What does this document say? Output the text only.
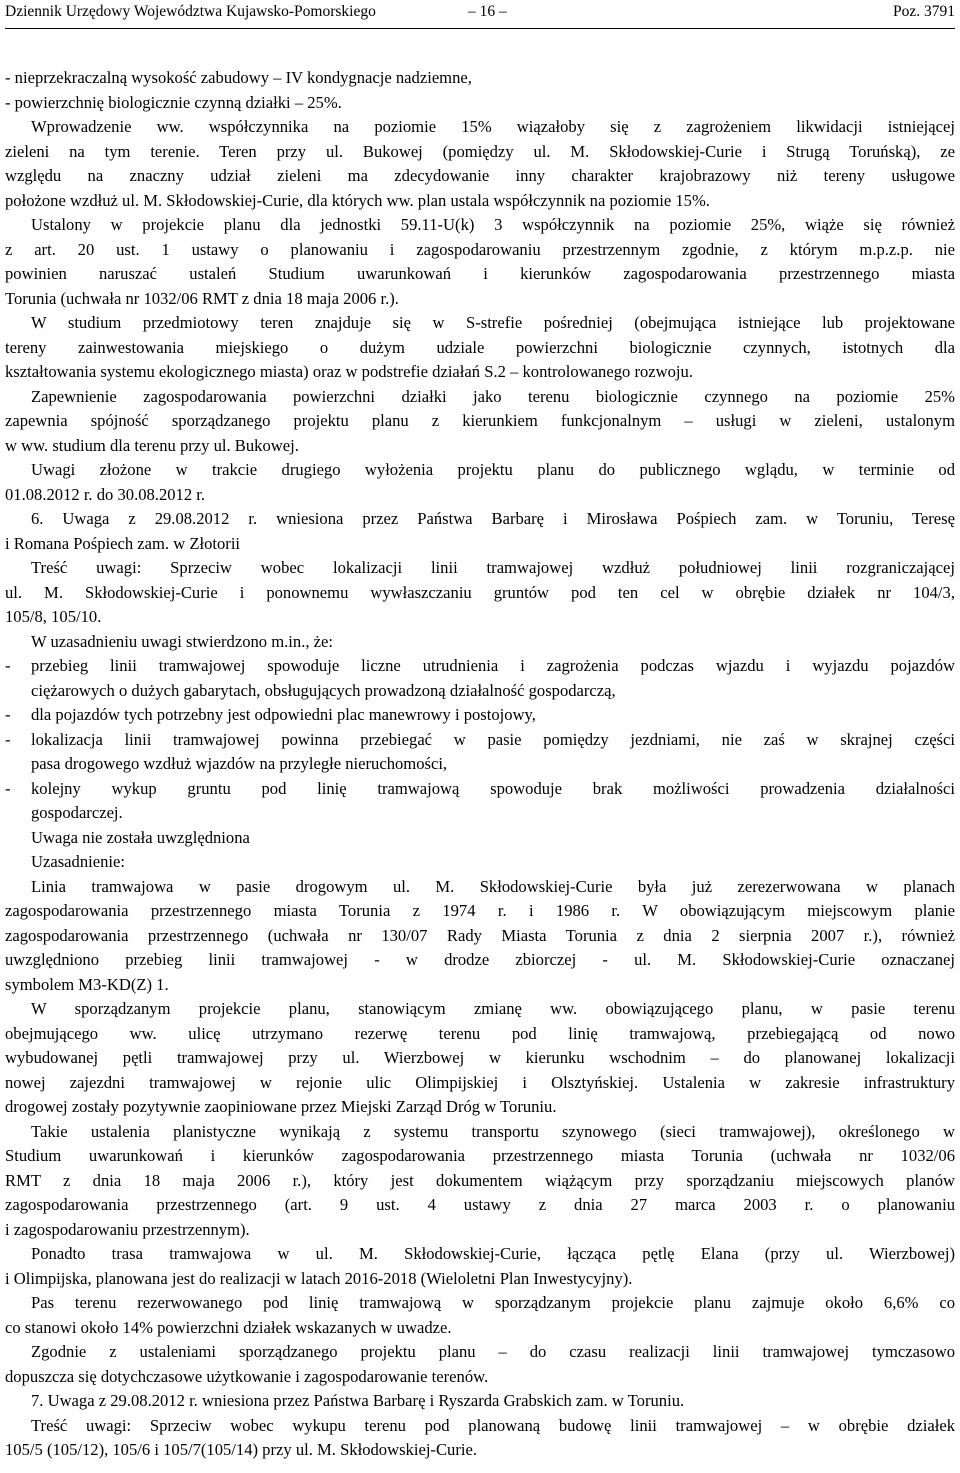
Dziennik Urzędowy Województwa Kujawsko-Pomorskiego	– 16 –	Poz. 3791
- nieprzekraczalną wysokość zabudowy – IV kondygnacje nadziemne,
- powierzchnię biologicznie czynną działki – 25%.
Wprowadzenie ww. współczynnika na poziomie 15% wiązałoby się z zagrożeniem likwidacji istniejącej
zieleni na tym terenie. Teren przy ul. Bukowej (pomiędzy ul. M. Skłodowskiej-Curie i Strugą Toruńską), ze
względu na znaczny udział zieleni ma zdecydowanie inny charakter krajobrazowy niż tereny usługowe
położone wzdłuż ul. M. Skłodowskiej-Curie, dla których ww. plan ustala współczynnik na poziomie 15%.
Ustalony w projekcie planu dla jednostki 59.11-U(k) 3 współczynnik na poziomie 25%, wiąże się również
z art. 20 ust. 1 ustawy o planowaniu i zagospodarowaniu przestrzennym zgodnie, z którym m.p.z.p. nie
powinien naruszać ustaleń Studium uwarunkowań i kierunków zagospodarowania przestrzennego miasta
Torunia (uchwała nr 1032/06 RMT z dnia 18 maja 2006 r.).
W studium przedmiotowy teren znajduje się w S-strefie pośredniej (obejmująca istniejące lub projektowane
tereny zainwestowania miejskiego o dużym udziale powierzchni biologicznie czynnych, istotnych dla
kształtowania systemu ekologicznego miasta) oraz w podstrefie działań S.2 – kontrolowanego rozwoju.
Zapewnienie zagospodarowania powierzchni działki jako terenu biologicznie czynnego na poziomie 25%
zapewnia spójność sporządzanego projektu planu z kierunkiem funkcjonalnym – usługi w zieleni, ustalonym
w ww. studium dla terenu przy ul. Bukowej.
Uwagi złożone w trakcie drugiego wyłożenia projektu planu do publicznego wglądu, w terminie od
01.08.2012 r. do 30.08.2012 r.
6. Uwaga z 29.08.2012 r. wniesiona przez Państwa Barbarę i Mirosława Pośpiech zam. w Toruniu, Teresę
i Romana Pośpiech zam. w Złotorii
Treść uwagi: Sprzeciw wobec lokalizacji linii tramwajowej wzdłuż południowej linii rozgraniczającej
ul. M. Skłodowskiej-Curie i ponownemu wywłaszczaniu gruntów pod ten cel w obrębie działek nr 104/3,
105/8, 105/10.
W uzasadnieniu uwagi stwierdzono m.in., że:
- przebieg linii tramwajowej spowoduje liczne utrudnienia i zagrożenia podczas wjazdu i wyjazdu pojazdów
ciężarowych o dużych gabarytach, obsługujących prowadzoną działalność gospodarczą,
- dla pojazdów tych potrzebny jest odpowiedni plac manewrowy i postojowy,
- lokalizacja linii tramwajowej powinna przebiegać w pasie pomiędzy jezdniami, nie zaś w skrajnej części
pasa drogowego wzdłuż wjazdów na przyległe nieruchomości,
- kolejny wykup gruntu pod linię tramwajową spowoduje brak możliwości prowadzenia działalności
gospodarczej.
Uwaga nie została uwzględniona
Uzasadnienie:
Linia tramwajowa w pasie drogowym ul. M. Skłodowskiej-Curie była już zerezerwowana w planach
zagospodarowania przestrzennego miasta Torunia z 1974 r. i 1986 r. W obowiązującym miejscowym planie
zagospodarowania przestrzennego (uchwała nr 130/07 Rady Miasta Torunia z dnia 2 sierpnia 2007 r.), również
uwzględniono przebieg linii tramwajowej - w drodze zbiorczej - ul. M. Skłodowskiej-Curie oznaczanej
symbolem M3-KD(Z) 1.
W sporządzanym projekcie planu, stanowiącym zmianę ww. obowiązującego planu, w pasie terenu
obejmującego ww. ulicę utrzymano rezerwę terenu pod linię tramwajową, przebiegającą od nowo
wybudowanej pętli tramwajowej przy ul. Wierzbowej w kierunku wschodnim – do planowanej lokalizacji
nowej zajezdni tramwajowej w rejonie ulic Olimpijskiej i Olsztyńskiej. Ustalenia w zakresie infrastruktury
drogowej zostały pozytywnie zaopiniowane przez Miejski Zarząd Dróg w Toruniu.
Takie ustalenia planistyczne wynikają z systemu transportu szynowego (sieci tramwajowej), określonego w
Studium uwarunkowań i kierunków zagospodarowania przestrzennego miasta Torunia (uchwała nr 1032/06
RMT z dnia 18 maja 2006 r.), który jest dokumentem wiążącym przy sporządzaniu miejscowych planów
zagospodarowania przestrzennego (art. 9 ust. 4 ustawy z dnia 27 marca 2003 r. o planowaniu
i zagospodarowaniu przestrzennym).
Ponadto trasa tramwajowa w ul. M. Skłodowskiej-Curie, łącząca pętlę Elana (przy ul. Wierzbowej)
i Olimpijska, planowana jest do realizacji w latach 2016-2018 (Wieloletni Plan Inwestycyjny).
Pas terenu rezerwowanego pod linię tramwajową w sporządzanym projekcie planu zajmuje około 6,6% co
co stanowi około 14% powierzchni działek wskazanych w uwadze.
Zgodnie z ustaleniami sporządzanego projektu planu – do czasu realizacji linii tramwajowej tymczasowo
dopuszcza się dotychczasowe użytkowanie i zagospodarowanie terenów.
7. Uwaga z 29.08.2012 r. wniesiona przez Państwa Barbarę i Ryszarda Grabskich zam. w Toruniu.
Treść uwagi: Sprzeciw wobec wykupu terenu pod planowaną budowę linii tramwajowej – w obrębie działek
105/5 (105/12), 105/6 i 105/7(105/14) przy ul. M. Skłodowskiej-Curie.
